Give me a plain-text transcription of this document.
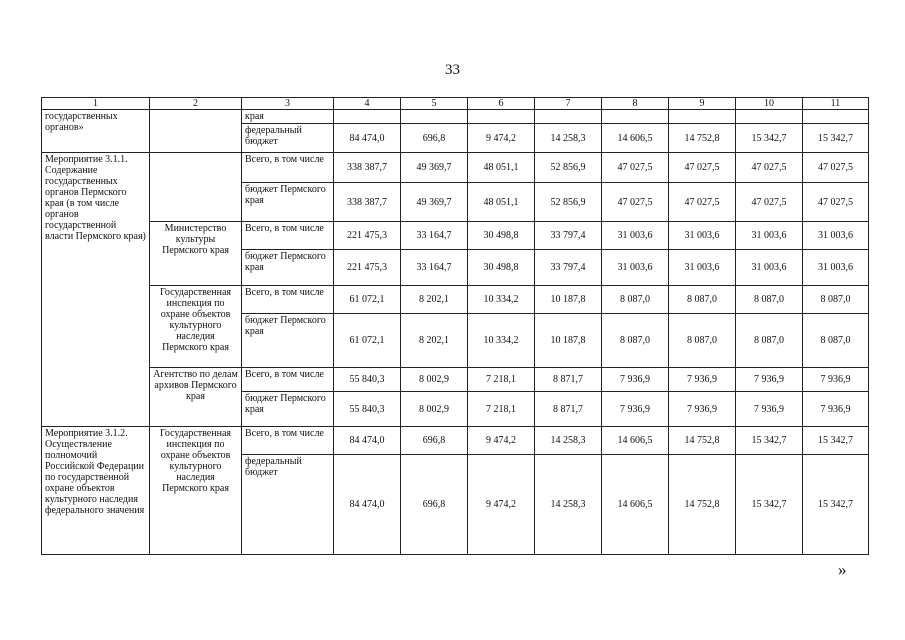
33
1	2	3	4	5	6	7	8	9	10	11
государственных органов»		края								
		федеральный бюджет	84 474,0	696,8	9 474,2	14 258,3	14 606,5	14 752,8	15 342,7	15 342,7
Мероприятие 3.1.1. Содержание государственных органов Пермского края (в том числе органов государственной власти Пермского края)		Всего, в том числе	338 387,7	49 369,7	48 051,1	52 856,9	47 027,5	47 027,5	47 027,5	47 027,5
		бюджет Пермского края	338 387,7	49 369,7	48 051,1	52 856,9	47 027,5	47 027,5	47 027,5	47 027,5
	Министерство культуры Пермского края	Всего, в том числе	221 475,3	33 164,7	30 498,8	33 797,4	31 003,6	31 003,6	31 003,6	31 003,6
		бюджет Пермского края	221 475,3	33 164,7	30 498,8	33 797,4	31 003,6	31 003,6	31 003,6	31 003,6
	Государственная инспекция по охране объектов культурного наследия Пермского края	Всего, в том числе	61 072,1	8 202,1	10 334,2	10 187,8	8 087,0	8 087,0	8 087,0	8 087,0
		бюджет Пермского края	61 072,1	8 202,1	10 334,2	10 187,8	8 087,0	8 087,0	8 087,0	8 087,0
	Агентство по делам архивов Пермского края	Всего, в том числе	55 840,3	8 002,9	7 218,1	8 871,7	7 936,9	7 936,9	7 936,9	7 936,9
		бюджет Пермского края	55 840,3	8 002,9	7 218,1	8 871,7	7 936,9	7 936,9	7 936,9	7 936,9
Мероприятие 3.1.2. Осуществление полномочий Российской Федерации по государственной охране объектов культурного наследия федерального значения	Государственная инспекция по охране объектов культурного наследия Пермского края	Всего, в том числе	84 474,0	696,8	9 474,2	14 258,3	14 606,5	14 752,8	15 342,7	15 342,7
		федеральный бюджет	84 474,0	696,8	9 474,2	14 258,3	14 606,5	14 752,8	15 342,7	15 342,7
»
